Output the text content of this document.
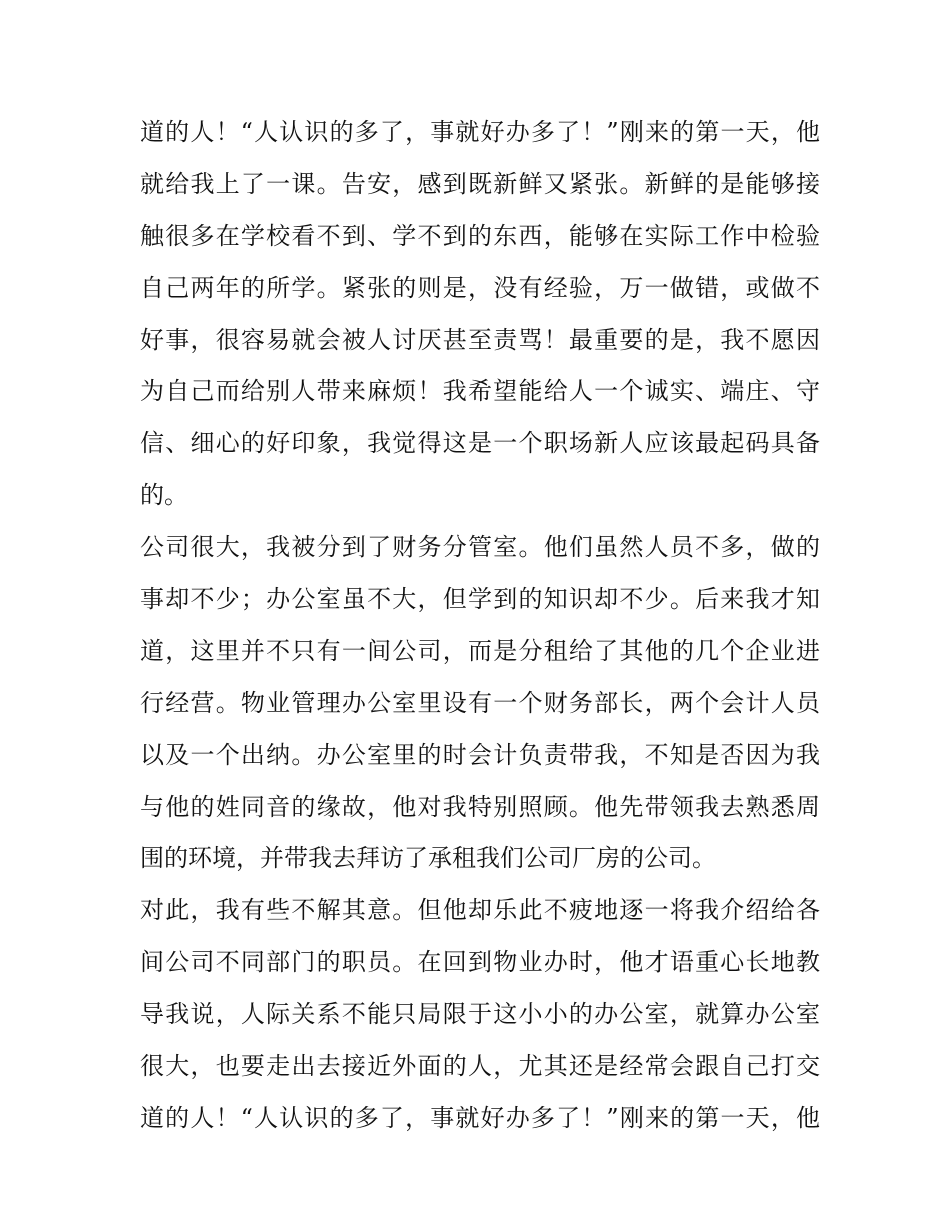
道的人！“人认识的多了，事就好办多了！”刚来的第一天，他
就给我上了一课。告安，感到既新鲜又紧张。新鲜的是能够接
触很多在学校看不到、学不到的东西，能够在实际工作中检验
自己两年的所学。紧张的则是，没有经验，万一做错，或做不
好事，很容易就会被人讨厌甚至责骂！最重要的是，我不愿因
为自己而给别人带来麻烦！我希望能给人一个诚实、端庄、守
信、细心的好印象，我觉得这是一个职场新人应该最起码具备
的。
公司很大，我被分到了财务分管室。他们虽然人员不多，做的
事却不少；办公室虽不大，但学到的知识却不少。后来我才知
道，这里并不只有一间公司，而是分租给了其他的几个企业进
行经营。物业管理办公室里设有一个财务部长，两个会计人员
以及一个出纳。办公室里的时会计负责带我，不知是否因为我
与他的姓同音的缘故，他对我特别照顾。他先带领我去熟悉周
围的环境，并带我去拜访了承租我们公司厂房的公司。
对此，我有些不解其意。但他却乐此不疲地逐一将我介绍给各
间公司不同部门的职员。在回到物业办时，他才语重心长地教
导我说，人际关系不能只局限于这小小的办公室，就算办公室
很大，也要走出去接近外面的人，尤其还是经常会跟自己打交
道的人！“人认识的多了，事就好办多了！”刚来的第一天，他
